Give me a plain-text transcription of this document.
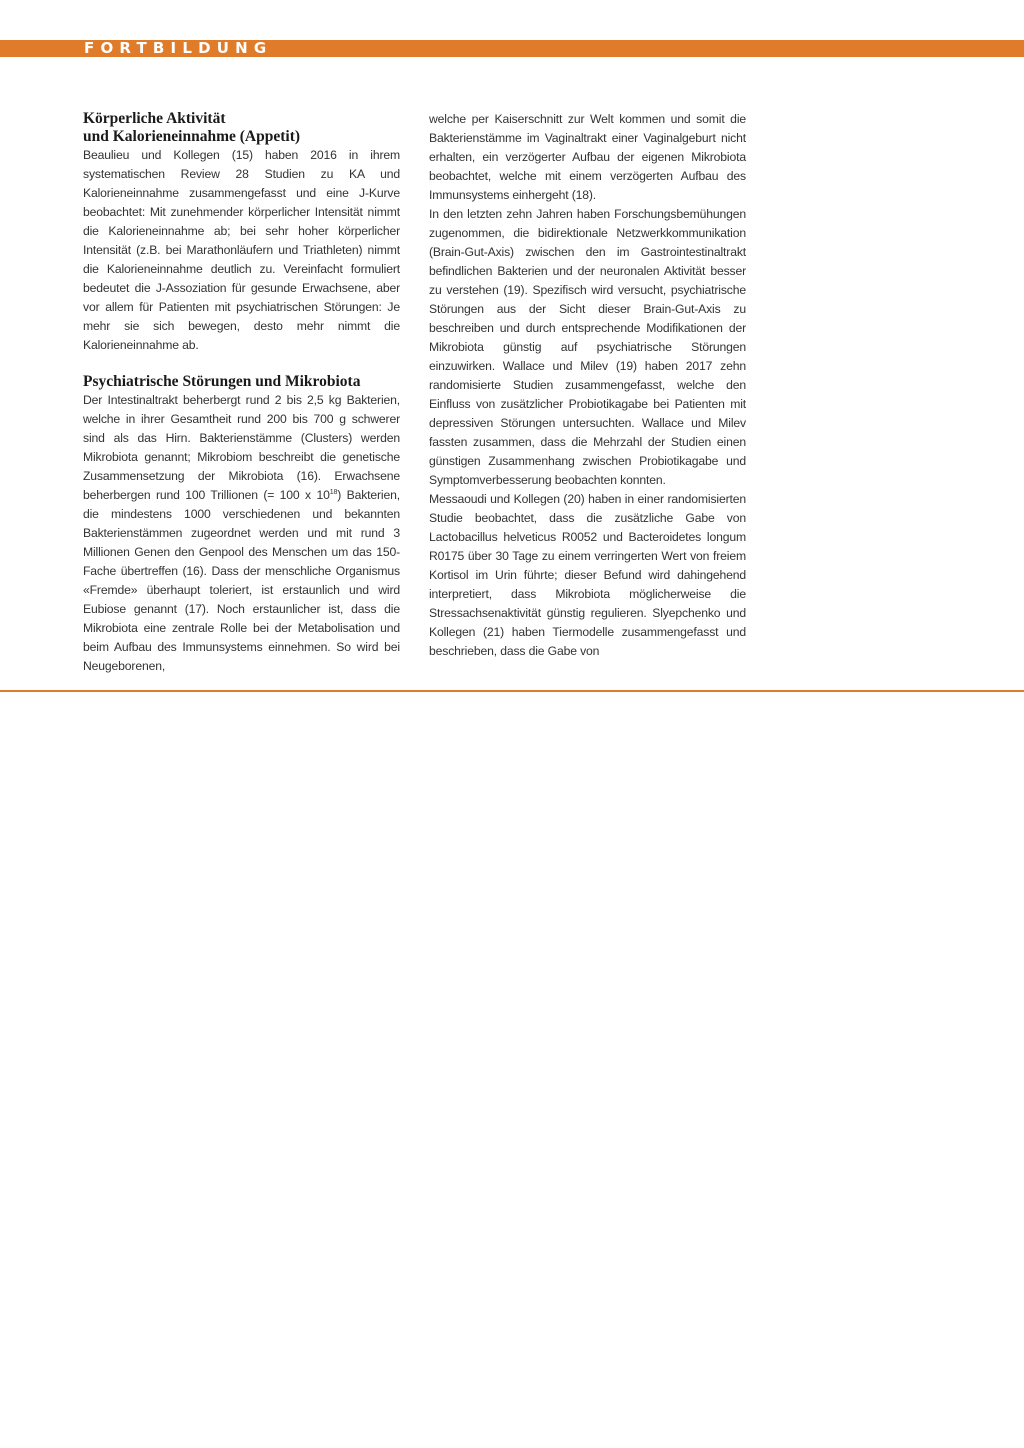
FORTBILDUNG
Körperliche Aktivität
und Kalorieneinnahme (Appetit)

Beaulieu und Kollegen (15) haben 2016 in ihrem systematischen Review 28 Studien zu KA und Kalorieneinnahme zusammengefasst und eine J-Kurve beobachtet: Mit zunehmender körperlicher Intensität nimmt die Kalorieneinnahme ab; bei sehr hoher körperlicher Intensität (z.B. bei Marathonläufern und Triathleten) nimmt die Kalorieneinnahme deutlich zu. Vereinfacht formuliert bedeutet die J-Assoziation für gesunde Erwachsene, aber vor allem für Patienten mit psychiatrischen Störungen: Je mehr sie sich bewegen, desto mehr nimmt die Kalorieneinnahme ab.

Psychiatrische Störungen und Mikrobiota

Der Intestinaltrakt beherbergt rund 2 bis 2,5 kg Bakterien, welche in ihrer Gesamtheit rund 200 bis 700 g schwerer sind als das Hirn. Bakterienstämme (Clusters) werden Mikrobiota genannt; Mikrobiom beschreibt die genetische Zusammensetzung der Mikrobiota (16). Erwachsene beherbergen rund 100 Trillionen (= 100 x $10^{18}$) Bakterien, die mindestens 1000 verschiedenen und bekannten Bakterienstämmen zugeordnet werden und mit rund 3 Millionen Genen den Genpool des Menschen um das 150-Fache übertreffen (16). Dass der menschliche Organismus «Fremde» überhaupt toleriert, ist erstaunlich und wird Eubiose genannt (17). Noch erstaunlicher ist, dass die Mikrobiota eine zentrale Rolle bei der Metabolisation und beim Aufbau des Immunsystems einnehmen. So wird bei Neugeborenen,

welche per Kaiserschnitt zur Welt kommen und somit die Bakterienstämme im Vaginaltrakt einer Vaginalgeburt nicht erhalten, ein verzögerter Aufbau der eigenen Mikrobiota beobachtet, welche mit einem verzögerten Aufbau des Immunsystems einhergeht (18).

In den letzten zehn Jahren haben Forschungsbemühungen zugenommen, die bidirektionale Netzwerkkommunikation (Brain-Gut-Axis) zwischen den im Gastrointestinaltrakt befindlichen Bakterien und der neuronalen Aktivität besser zu verstehen (19). Spezifisch wird versucht, psychiatrische Störungen aus der Sicht dieser Brain-Gut-Axis zu beschreiben und durch entsprechende Modifikationen der Mikrobiota günstig auf psychiatrische Störungen einzuwirken. Wallace und Milev (19) haben 2017 zehn randomisierte Studien zusammengefasst, welche den Einfluss von zusätzlicher Probiotikagabe bei Patienten mit depressiven Störungen untersuchten. Wallace und Milev fassten zusammen, dass die Mehrzahl der Studien einen günstigen Zusammenhang zwischen Probiotikagabe und Symptomverbesserung beobachten konnten.

Messaoudi und Kollegen (20) haben in einer randomisierten Studie beobachtet, dass die zusätzliche Gabe von Lactobacillus helveticus R0052 und Bacteroidetes longum R0175 über 30 Tage zu einem verringerten Wert von freiem Kortisol im Urin führte; dieser Befund wird dahingehend interpretiert, dass Mikrobiota möglicherweise die Stressachsenaktivität günstig regulieren. Slyepchenko und Kollegen (21) haben Tiermodelle zusammengefasst und beschrieben, dass die Gabe von
